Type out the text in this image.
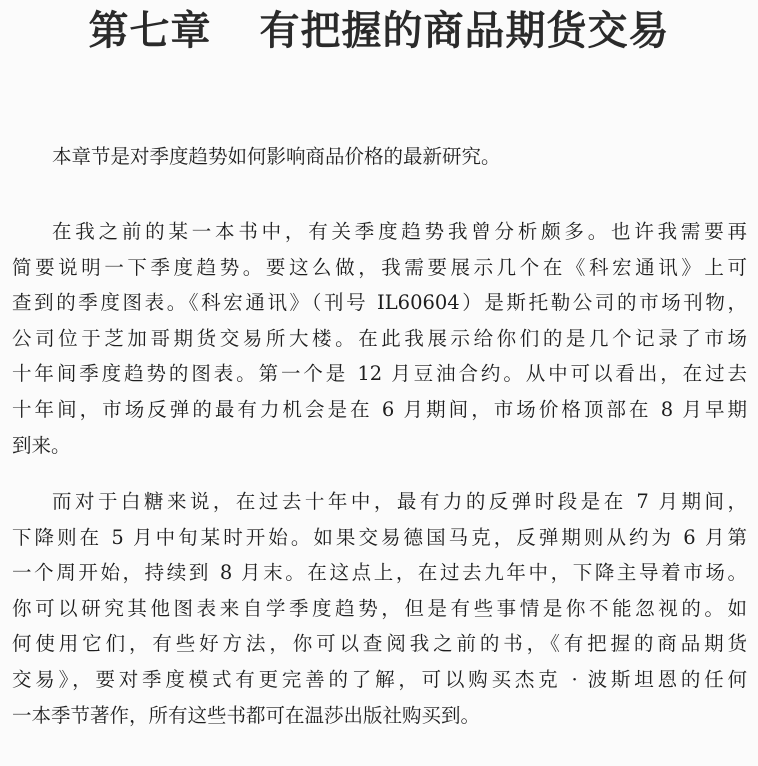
第七章 有把握的商品期货交易

本章节是对季度趋势如何影响商品价格的最新研究。

在我之前的某一本书中，有关季度趋势我曾分析颇多。也许我需要再
简要说明一下季度趋势。要这么做，我需要展示几个在《科宏通讯》上可
查到的季度图表。《科宏通讯》（刊号 IL60604）是斯托勒公司的市场刊物，
公司位于芝加哥期货交易所大楼。在此我展示给你们的是几个记录了市场
十年间季度趋势的图表。第一个是 12 月豆油合约。从中可以看出，在过去
十年间，市场反弹的最有力机会是在 6 月期间，市场价格顶部在 8 月早期
到来。

而对于白糖来说，在过去十年中，最有力的反弹时段是在 7 月期间，
下降则在 5 月中旬某时开始。如果交易德国马克，反弹期则从约为 6 月第
一个周开始，持续到 8 月末。在这点上，在过去九年中，下降主导着市场。
你可以研究其他图表来自学季度趋势，但是有些事情是你不能忽视的。如
何使用它们，有些好方法，你可以查阅我之前的书，《有把握的商品期货
交易》，要对季度模式有更完善的了解，可以购买杰克 · 波斯坦恩的任何
一本季节著作，所有这些书都可在温莎出版社购买到。
